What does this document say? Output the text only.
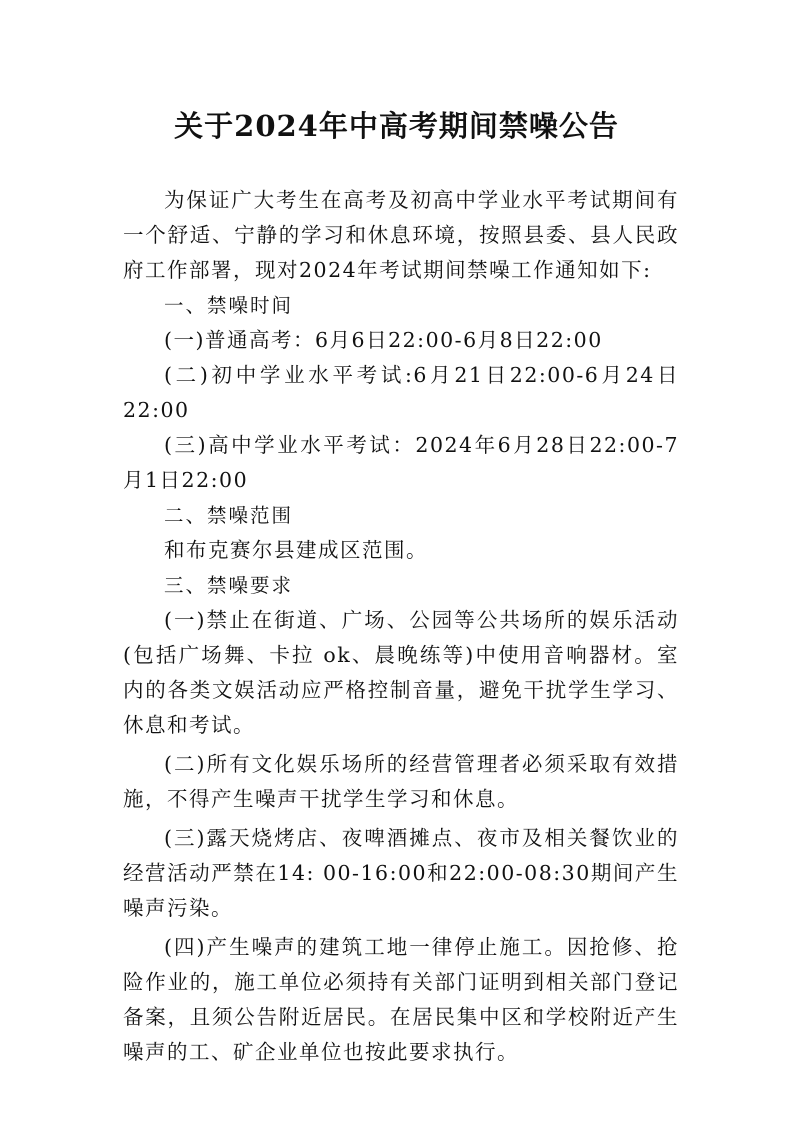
关于2024年中高考期间禁噪公告

为保证广大考生在高考及初高中学业水平考试期间有一个舒适、宁静的学习和休息环境，按照县委、县人民政府工作部署，现对2024年考试期间禁噪工作通知如下:

一、禁噪时间

(一)普通高考：6月6日22:00-6月8日22:00

(二)初中学业水平考试:6月21日22:00-6月24日22:00

(三)高中学业水平考试：2024年6月28日22:00-7月1日22:00

二、禁噪范围

和布克赛尔县建成区范围。

三、禁噪要求

(一)禁止在街道、广场、公园等公共场所的娱乐活动(包括广场舞、卡拉 ok、晨晚练等)中使用音响器材。室内的各类文娱活动应严格控制音量，避免干扰学生学习、休息和考试。

(二)所有文化娱乐场所的经营管理者必须采取有效措施，不得产生噪声干扰学生学习和休息。

(三)露天烧烤店、夜啤酒摊点、夜市及相关餐饮业的经营活动严禁在14: 00-16:00和22:00-08:30期间产生噪声污染。

(四)产生噪声的建筑工地一律停止施工。因抢修、抢险作业的，施工单位必须持有关部门证明到相关部门登记备案，且须公告附近居民。在居民集中区和学校附近产生噪声的工、矿企业单位也按此要求执行。
